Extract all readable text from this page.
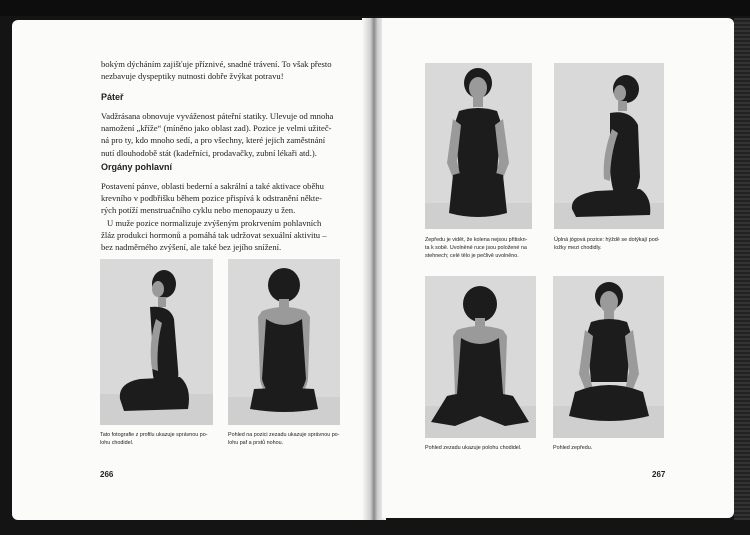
bokým dýcháním zajišťuje příznivé, snadné trávení. To však přesto

nezbavuje dyspeptiky nutnosti dobře žvýkat potravu!

Páteř

Vadžrásana obnovuje vyváženost páteřní statiky. Ulevuje od mnoha

namožení „kříže“ (míněno jako oblast zad). Pozice je velmi užiteč-

ná pro ty, kdo mnoho sedí, a pro všechny, které jejich zaměstnání

nutí dlouhodobě stát (kadeřníci, prodavačky, zubní lékaři atd.).

Orgány pohlavní

Postavení pánve, oblasti bederní a sakrální a také aktivace oběhu

krevního v podbřišku během pozice přispívá k odstranění někte-

rých potíží menstruačního cyklu nebo menopauzy u žen.

U muže pozice normalizuje zvýšeným prokrvením pohlavních

žláz produkci hormonů a pomáhá tak udržovat sexuální aktivitu –

bez nadměrného zvýšení, ale také bez jejího snížení.

Tato fotografie z profilu ukazuje správnou po-
lohu chodidel.
Pohled na pozici zezadu ukazuje správnou po-
lohu paf a prstů nohou.
266
Zepředu je vidět, že kolena nejsou přitiskn-
ta k sobě. Uvolněné ruce jsou položené na
stehnech; celé tělo je pečlivě uvolněno.
Úplná jógová pozice: hýždě se dotýkají pod-
ložky mezi chodidly.
Pohled zezadu ukazuje polohu chodidel.	Pohled zepředu.
267
